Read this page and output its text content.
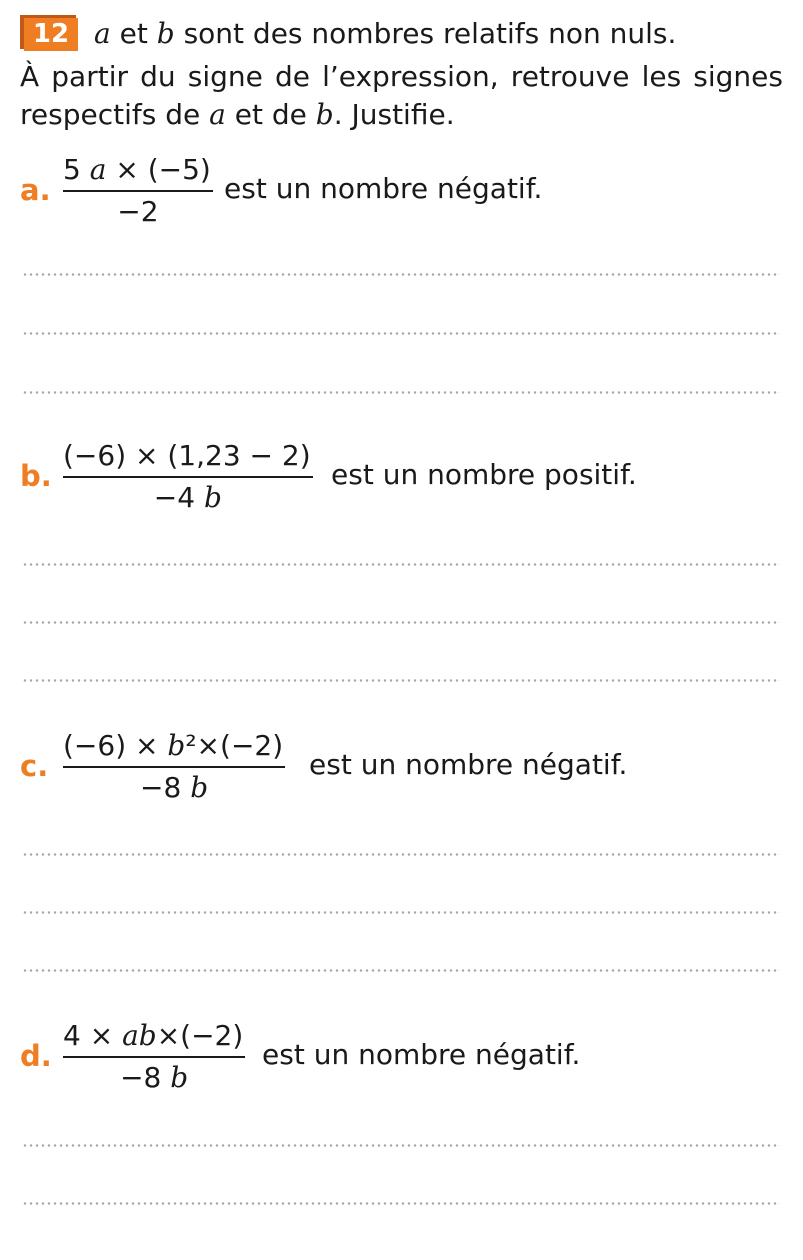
12 a et b sont des nombres relatifs non nuls.
À partir du signe de l’expression, retrouve les signes respectifs de a et de b. Justifie.
a.
5 a × (−5)
−2
est un nombre négatif.
b.
(−6) × (1,23 − 2)
−4 b
est un nombre positif.
c.
(−6) × b²×(−2)
−8 b
est un nombre négatif.
d.
4 × ab×(−2)
−8 b
est un nombre négatif.
